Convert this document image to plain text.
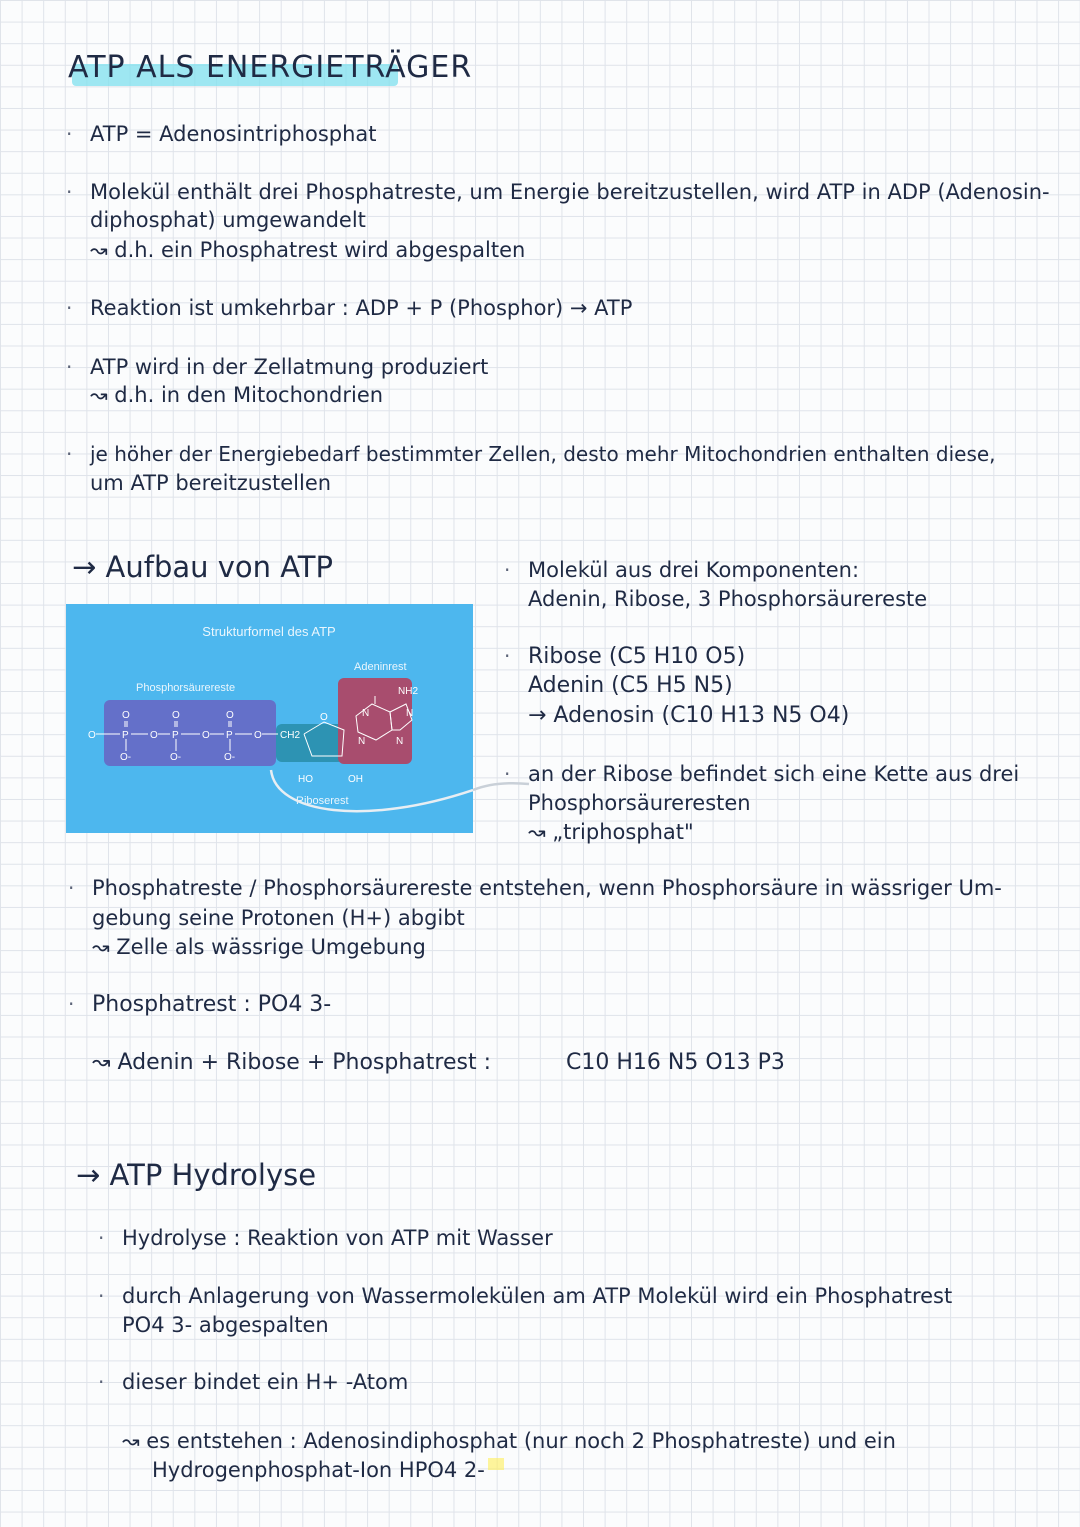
ATP ALS ENERGIETRÄGER
· ATP = Adenosintriphosphat
· Molekül enthält drei Phosphatreste, um Energie bereitzustellen, wird ATP in ADP (Adenosin-
diphosphat) umgewandelt
↝ d.h. ein Phosphatrest wird abgespalten
· Reaktion ist umkehrbar : ADP + P (Phosphor) → ATP
· ATP wird in der Zellatmung produziert
↝ d.h. in den Mitochondrien
· je höher der Energiebedarf bestimmter Zellen, desto mehr Mitochondrien enthalten diese,
um ATP bereitzustellen
→ Aufbau von ATP	· Molekül aus drei Komponenten:
Adenin, Ribose, 3 Phosphorsäurereste
· Ribose (C5 H10 O5)
Adenin (C5 H5 N5)
→ Adenosin (C10 H13 N5 O4)
· an der Ribose befindet sich eine Kette aus drei
Phosphorsäureresten
↝ „triphosphat"
Strukturformel des ATP
Phosphorsäurereste
Adeninrest
Riboserest
O	P O P O P O CH2
O	O	O
O-	O-	O-
O
HO	OH
NH2
N	N
N	N
· Phosphatreste / Phosphorsäurereste entstehen, wenn Phosphorsäure in wässriger Um-
gebung seine Protonen (H+) abgibt
↝ Zelle als wässrige Umgebung
· Phosphatrest : PO4 3-
↝ Adenin + Ribose + Phosphatrest :	C10 H16 N5 O13 P3
→ ATP Hydrolyse
· Hydrolyse : Reaktion von ATP mit Wasser
· durch Anlagerung von Wassermolekülen am ATP Molekül wird ein Phosphatrest
PO4 3- abgespalten
· dieser bindet ein H+ -Atom
↝ es entstehen : Adenosindiphosphat (nur noch 2 Phosphatreste) und ein
Hydrogenphosphat-Ion HPO4 2-
